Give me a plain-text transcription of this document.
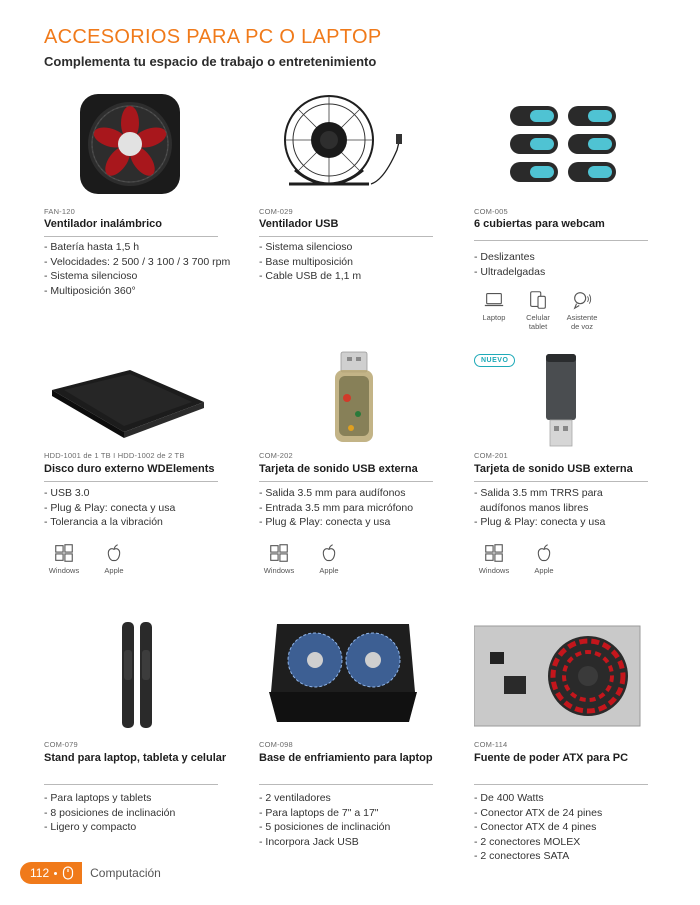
ACCESORIOS PARA PC O LAPTOP
Complementa tu espacio de trabajo o entretenimiento
FAN-120
Ventilador inalámbrico
- Batería hasta 1,5 h
- Velocidades: 2 500 / 3 100 / 3 700 rpm
- Sistema silencioso
- Multiposición 360°
COM-029
Ventilador USB
- Sistema silencioso
- Base multiposición
- Cable USB de 1,1 m
COM-005
6 cubiertas para webcam
- Deslizantes
- Ultradelgadas
Laptop	Celular tablet
Asistente de voz
HDD-1001 de 1 TB I HDD-1002 de 2 TB
Disco duro externo WDElements
- USB 3.0
- Plug & Play: conecta y usa
- Tolerancia a la vibración
Windows	Apple
COM-202
Tarjeta de sonido USB externa
- Salida 3.5 mm para audífonos
- Entrada 3.5 mm para micrófono
- Plug & Play: conecta y usa
Windows	Apple
NUEVO
COM-201
Tarjeta de sonido USB externa
- Salida 3.5 mm TRRS para
audífonos manos libres
- Plug & Play: conecta y usa
Windows	Apple
COM-079
Stand para laptop, tableta y celular
- Para laptops y tablets
- 8 posiciones de inclinación
- Ligero y compacto
COM-098
Base de enfriamiento para laptop
- 2 ventiladores
- Para laptops de 7" a 17"
- 5 posiciones de inclinación
- Incorpora Jack USB
COM-114
Fuente de poder ATX para PC
- De 400 Watts
- Conector ATX de 24 pines
- Conector ATX de 4 pines
- 2 conectores MOLEX
- 2 conectores SATA
112	Computación
